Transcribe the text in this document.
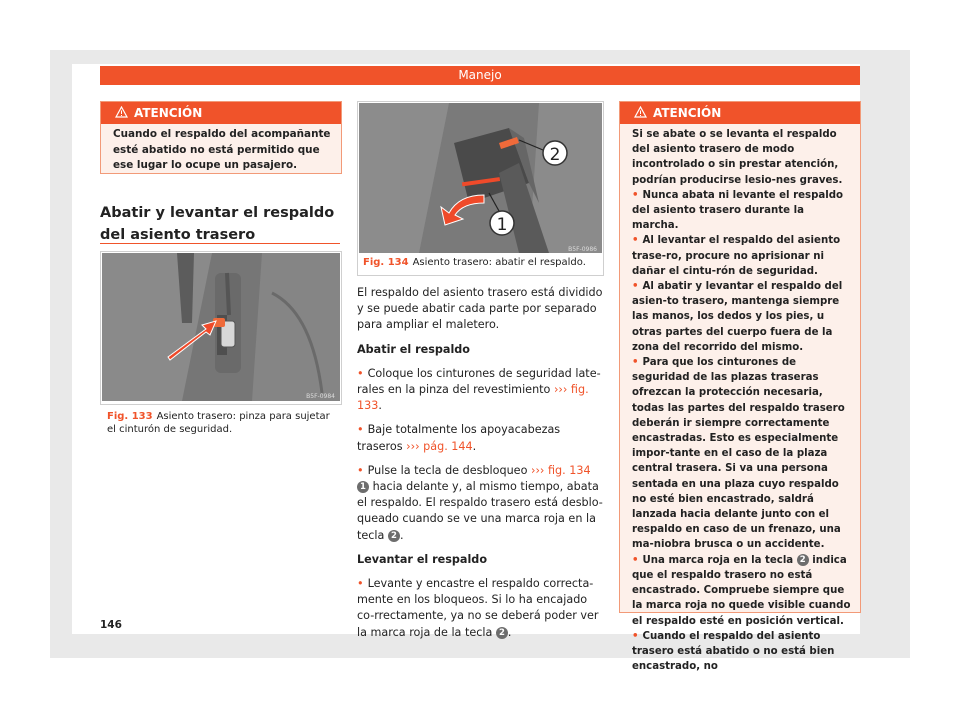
Manejo
ATENCIÓN
Cuando el respaldo del acompañante esté abatido no está permitido que ese lugar lo ocupe un pasajero.
Abatir y levantar el respaldo del asiento trasero
B5F-0984
Fig. 133 Asiento trasero: pinza para sujetar el cinturón de seguridad.
2
1
B5F-0986
Fig. 134 Asiento trasero: abatir el respaldo.

El respaldo del asiento trasero está dividido y se puede abatir cada parte por separado para ampliar el maletero.

Abatir el respaldo

• Coloque los cinturones de seguridad late-rales en la pinza del revestimiento ››› fig. 133.

• Baje totalmente los apoyacabezas traseros ››› pág. 144.

• Pulse la tecla de desbloqueo ››› fig. 134 1 hacia delante y, al mismo tiempo, abata el respaldo. El respaldo trasero está desblo-queado cuando se ve una marca roja en la tecla 2 .

Levantar el respaldo

• Levante y encastre el respaldo correcta-mente en los bloqueos. Si lo ha encajado co-rrectamente, ya no se deberá poder ver la marca roja de la tecla 2 .

ATENCIÓN

Si se abate o se levanta el respaldo del asiento trasero de modo incontrolado o sin prestar atención, podrían producirse lesio-nes graves.

• Nunca abata ni levante el respaldo del asiento trasero durante la marcha.

• Al levantar el respaldo del asiento trase-ro, procure no aprisionar ni dañar el cintu-rón de seguridad.

• Al abatir y levantar el respaldo del asien-to trasero, mantenga siempre las manos, los dedos y los pies, u otras partes del cuerpo fuera de la zona del recorrido del mismo.

• Para que los cinturones de seguridad de las plazas traseras ofrezcan la protección necesaria, todas las partes del respaldo trasero deberán ir siempre correctamente encastradas. Esto es especialmente impor-tante en el caso de la plaza central trasera. Si va una persona sentada en una plaza cuyo respaldo no esté bien encastrado, saldrá lanzada hacia delante junto con el respaldo en caso de un frenazo, una ma-niobra brusca o un accidente.

• Una marca roja en la tecla 2 indica que el respaldo trasero no está encastrado. Compruebe siempre que la marca roja no quede visible cuando el respaldo esté en posición vertical.

• Cuando el respaldo del asiento trasero está abatido o no está bien encastrado, no

146
